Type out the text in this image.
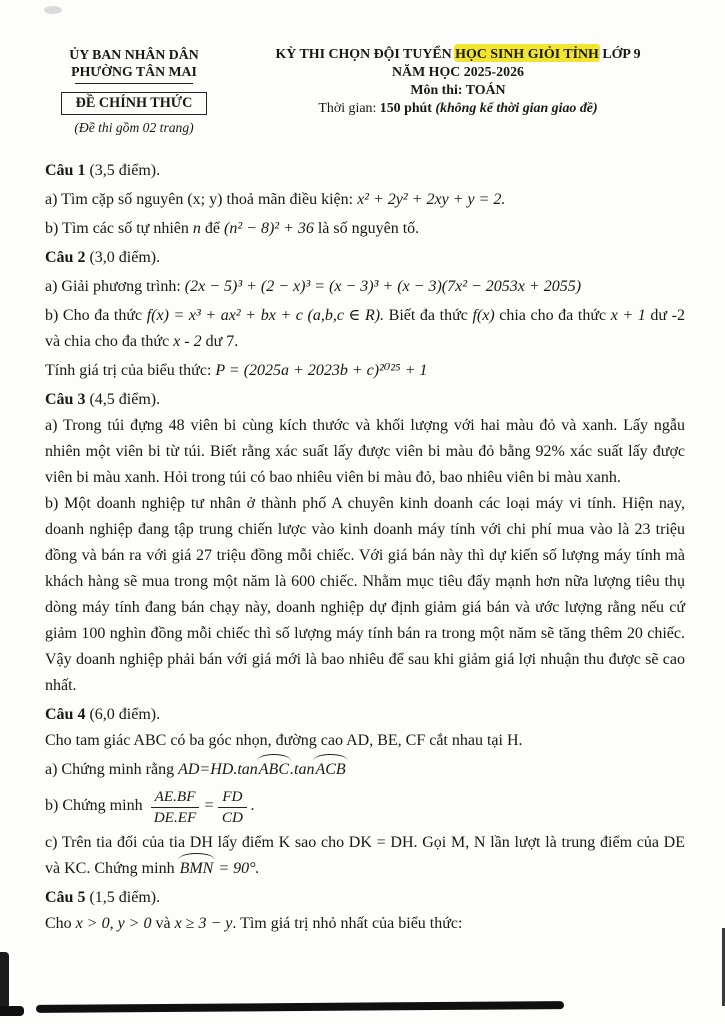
ỦY BAN NHÂN DÂN
PHƯỜNG TÂN MAI
ĐỀ CHÍNH THỨC
(Đề thi gồm 02 trang)
KỲ THI CHỌN ĐỘI TUYỂN HỌC SINH GIỎI TỈNH LỚP 9
NĂM HỌC 2025-2026
Môn thi: TOÁN
Thời gian: 150 phút (không kể thời gian giao đề)

Câu 1 (3,5 điểm).

a) Tìm cặp số nguyên (x; y) thoả mãn điều kiện: x² + 2y² + 2xy + y = 2.

b) Tìm các số tự nhiên n để (n² − 8)² + 36 là số nguyên tố.

Câu 2 (3,0 điểm).

a) Giải phương trình: (2x − 5)³ + (2 − x)³ = (x − 3)³ + (x − 3)(7x² − 2053x + 2055)

b) Cho đa thức f(x) = x³ + ax² + bx + c (a,b,c ∈ R). Biết đa thức f(x) chia cho đa thức x + 1 dư -2 và chia cho đa thức x - 2 dư 7.

Tính giá trị của biểu thức: P = (2025a + 2023b + c)²⁰²⁵ + 1

Câu 3 (4,5 điểm).

a) Trong túi đựng 48 viên bi cùng kích thước và khối lượng với hai màu đỏ và xanh. Lấy ngẫu nhiên một viên bi từ túi. Biết rằng xác suất lấy được viên bi màu đỏ bằng 92% xác suất lấy được viên bi màu xanh. Hỏi trong túi có bao nhiêu viên bi màu đỏ, bao nhiêu viên bi màu xanh.

b) Một doanh nghiệp tư nhân ở thành phố A chuyên kinh doanh các loại máy vi tính. Hiện nay, doanh nghiệp đang tập trung chiến lược vào kinh doanh máy tính với chi phí mua vào là 23 triệu đồng và bán ra với giá 27 triệu đồng mỗi chiếc. Với giá bán này thì dự kiến số lượng máy tính mà khách hàng sẽ mua trong một năm là 600 chiếc. Nhằm mục tiêu đẩy mạnh hơn nữa lượng tiêu thụ dòng máy tính đang bán chạy này, doanh nghiệp dự định giảm giá bán và ước lượng rằng nếu cứ giảm 100 nghìn đồng mỗi chiếc thì số lượng máy tính bán ra trong một năm sẽ tăng thêm 20 chiếc. Vậy doanh nghiệp phải bán với giá mới là bao nhiêu để sau khi giảm giá lợi nhuận thu được sẽ cao nhất.

Câu 4 (6,0 điểm).

Cho tam giác ABC có ba góc nhọn, đường cao AD, BE, CF cắt nhau tại H.

a) Chứng minh rằng AD=HD.tanABC.tanACB

b) Chứng minh $\frac{AE.BF}{DE.EF} = \frac{FD}{CD}$ .

c) Trên tia đối của tia DH lấy điểm K sao cho DK = DH. Gọi M, N lần lượt là trung điểm của DE và KC. Chứng minh BMN = 90°.

Câu 5 (1,5 điểm).

Cho x > 0, y > 0 và x ≥ 3 − y. Tìm giá trị nhỏ nhất của biểu thức:
